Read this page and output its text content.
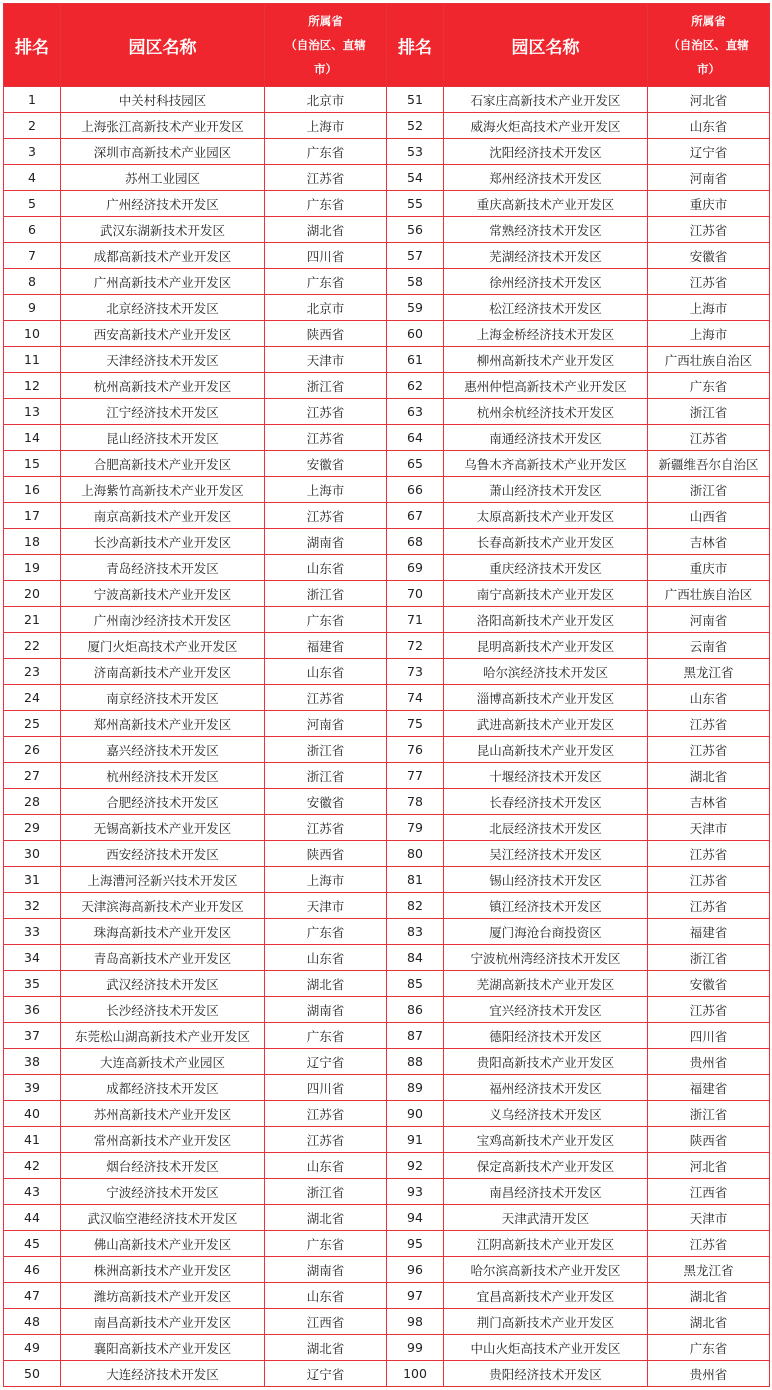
排名	园区名称	所属省
（自治区、直辖
市）	排名	园区名称	所属省
（自治区、直辖
市）

1	中关村科技园区	北京市	51	石家庄高新技术产业开发区	河北省
2	上海张江高新技术产业开发区	上海市	52	威海火炬高技术产业开发区	山东省
3	深圳市高新技术产业园区	广东省	53	沈阳经济技术开发区	辽宁省
4	苏州工业园区	江苏省	54	郑州经济技术开发区	河南省
5	广州经济技术开发区	广东省	55	重庆高新技术产业开发区	重庆市
6	武汉东湖新技术开发区	湖北省	56	常熟经济技术开发区	江苏省
7	成都高新技术产业开发区	四川省	57	芜湖经济技术开发区	安徽省
8	广州高新技术产业开发区	广东省	58	徐州经济技术开发区	江苏省
9	北京经济技术开发区	北京市	59	松江经济技术开发区	上海市
10	西安高新技术产业开发区	陕西省	60	上海金桥经济技术开发区	上海市
11	天津经济技术开发区	天津市	61	柳州高新技术产业开发区	广西壮族自治区
12	杭州高新技术产业开发区	浙江省	62	惠州仲恺高新技术产业开发区	广东省
13	江宁经济技术开发区	江苏省	63	杭州余杭经济技术开发区	浙江省
14	昆山经济技术开发区	江苏省	64	南通经济技术开发区	江苏省
15	合肥高新技术产业开发区	安徽省	65	乌鲁木齐高新技术产业开发区	新疆维吾尔自治区
16	上海紫竹高新技术产业开发区	上海市	66	萧山经济技术开发区	浙江省
17	南京高新技术产业开发区	江苏省	67	太原高新技术产业开发区	山西省
18	长沙高新技术产业开发区	湖南省	68	长春高新技术产业开发区	吉林省
19	青岛经济技术开发区	山东省	69	重庆经济技术开发区	重庆市
20	宁波高新技术产业开发区	浙江省	70	南宁高新技术产业开发区	广西壮族自治区
21	广州南沙经济技术开发区	广东省	71	洛阳高新技术产业开发区	河南省
22	厦门火炬高技术产业开发区	福建省	72	昆明高新技术产业开发区	云南省
23	济南高新技术产业开发区	山东省	73	哈尔滨经济技术开发区	黑龙江省
24	南京经济技术开发区	江苏省	74	淄博高新技术产业开发区	山东省
25	郑州高新技术产业开发区	河南省	75	武进高新技术产业开发区	江苏省
26	嘉兴经济技术开发区	浙江省	76	昆山高新技术产业开发区	江苏省
27	杭州经济技术开发区	浙江省	77	十堰经济技术开发区	湖北省
28	合肥经济技术开发区	安徽省	78	长春经济技术开发区	吉林省
29	无锡高新技术产业开发区	江苏省	79	北辰经济技术开发区	天津市
30	西安经济技术开发区	陕西省	80	吴江经济技术开发区	江苏省
31	上海漕河泾新兴技术开发区	上海市	81	锡山经济技术开发区	江苏省
32	天津滨海高新技术产业开发区	天津市	82	镇江经济技术开发区	江苏省
33	珠海高新技术产业开发区	广东省	83	厦门海沧台商投资区	福建省
34	青岛高新技术产业开发区	山东省	84	宁波杭州湾经济技术开发区	浙江省
35	武汉经济技术开发区	湖北省	85	芜湖高新技术产业开发区	安徽省
36	长沙经济技术开发区	湖南省	86	宜兴经济技术开发区	江苏省
37	东莞松山湖高新技术产业开发区	广东省	87	德阳经济技术开发区	四川省
38	大连高新技术产业园区	辽宁省	88	贵阳高新技术产业开发区	贵州省
39	成都经济技术开发区	四川省	89	福州经济技术开发区	福建省
40	苏州高新技术产业开发区	江苏省	90	义乌经济技术开发区	浙江省
41	常州高新技术产业开发区	江苏省	91	宝鸡高新技术产业开发区	陕西省
42	烟台经济技术开发区	山东省	92	保定高新技术产业开发区	河北省
43	宁波经济技术开发区	浙江省	93	南昌经济技术开发区	江西省
44	武汉临空港经济技术开发区	湖北省	94	天津武清开发区	天津市
45	佛山高新技术产业开发区	广东省	95	江阴高新技术产业开发区	江苏省
46	株洲高新技术产业开发区	湖南省	96	哈尔滨高新技术产业开发区	黑龙江省
47	潍坊高新技术产业开发区	山东省	97	宜昌高新技术产业开发区	湖北省
48	南昌高新技术产业开发区	江西省	98	荆门高新技术产业开发区	湖北省
49	襄阳高新技术产业开发区	湖北省	99	中山火炬高技术产业开发区	广东省
50	大连经济技术开发区	辽宁省	100	贵阳经济技术开发区	贵州省
